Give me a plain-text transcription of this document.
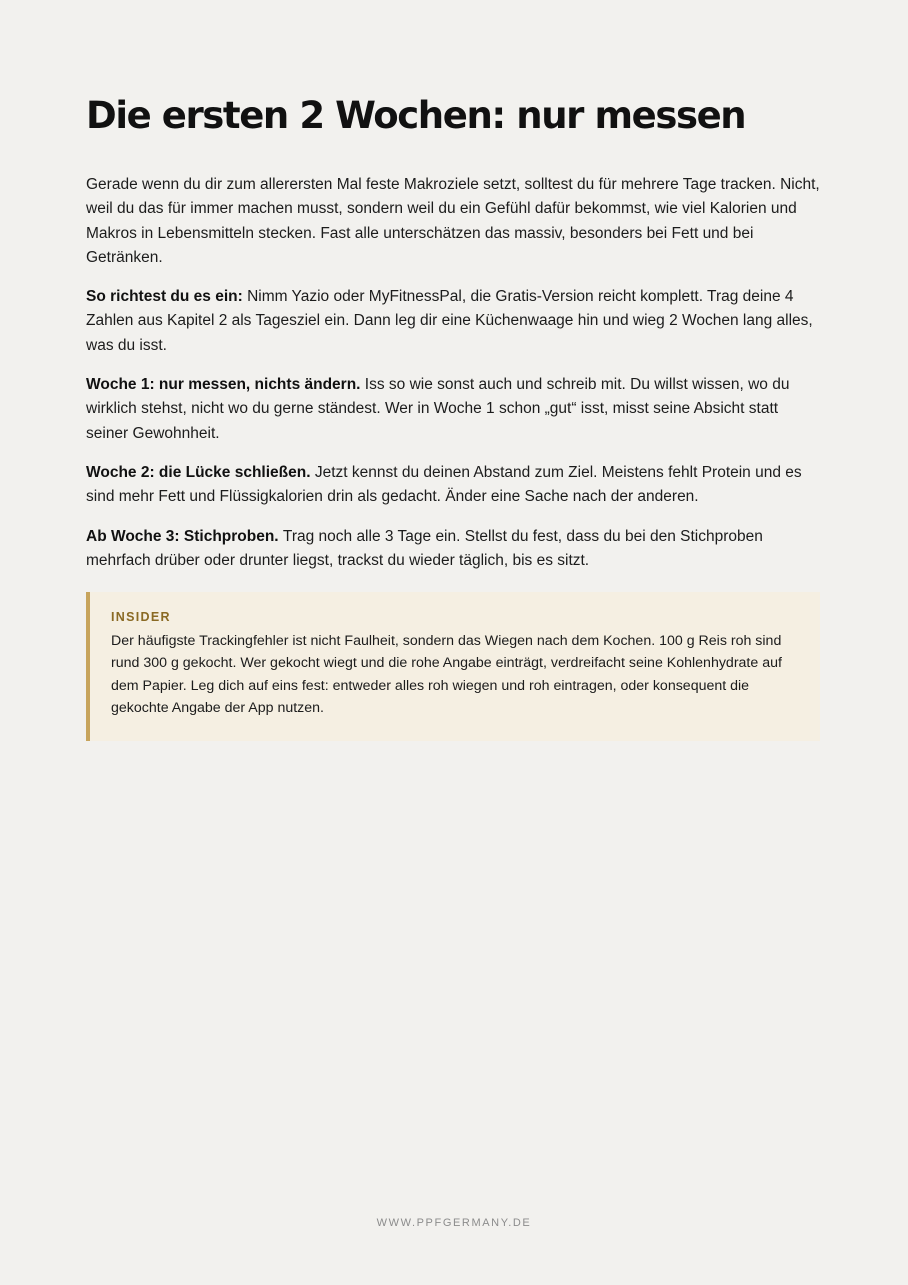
Die ersten 2 Wochen: nur messen

Gerade wenn du dir zum allerersten Mal feste Makroziele setzt, solltest du für mehrere Tage tracken. Nicht, weil du das für immer machen musst, sondern weil du ein Gefühl dafür bekommst, wie viel Kalorien und Makros in Lebensmitteln stecken. Fast alle unterschätzen das massiv, besonders bei Fett und bei Getränken.

So richtest du es ein: Nimm Yazio oder MyFitnessPal, die Gratis-Version reicht komplett. Trag deine 4 Zahlen aus Kapitel 2 als Tagesziel ein. Dann leg dir eine Küchenwaage hin und wieg 2 Wochen lang alles, was du isst.

Woche 1: nur messen, nichts ändern. Iss so wie sonst auch und schreib mit. Du willst wissen, wo du wirklich stehst, nicht wo du gerne ständest. Wer in Woche 1 schon „gut“ isst, misst seine Absicht statt seiner Gewohnheit.

Woche 2: die Lücke schließen. Jetzt kennst du deinen Abstand zum Ziel. Meistens fehlt Protein und es sind mehr Fett und Flüssigkalorien drin als gedacht. Änder eine Sache nach der anderen.

Ab Woche 3: Stichproben. Trag noch alle 3 Tage ein. Stellst du fest, dass du bei den Stichproben mehrfach drüber oder drunter liegst, trackst du wieder täglich, bis es sitzt.

INSIDER

Der häufigste Trackingfehler ist nicht Faulheit, sondern das Wiegen nach dem Kochen. 100 g Reis roh sind rund 300 g gekocht. Wer gekocht wiegt und die rohe Angabe einträgt, verdreifacht seine Kohlenhydrate auf dem Papier. Leg dich auf eins fest: entweder alles roh wiegen und roh eintragen, oder konsequent die gekochte Angabe der App nutzen.

WWW.PPFGERMANY.DE
